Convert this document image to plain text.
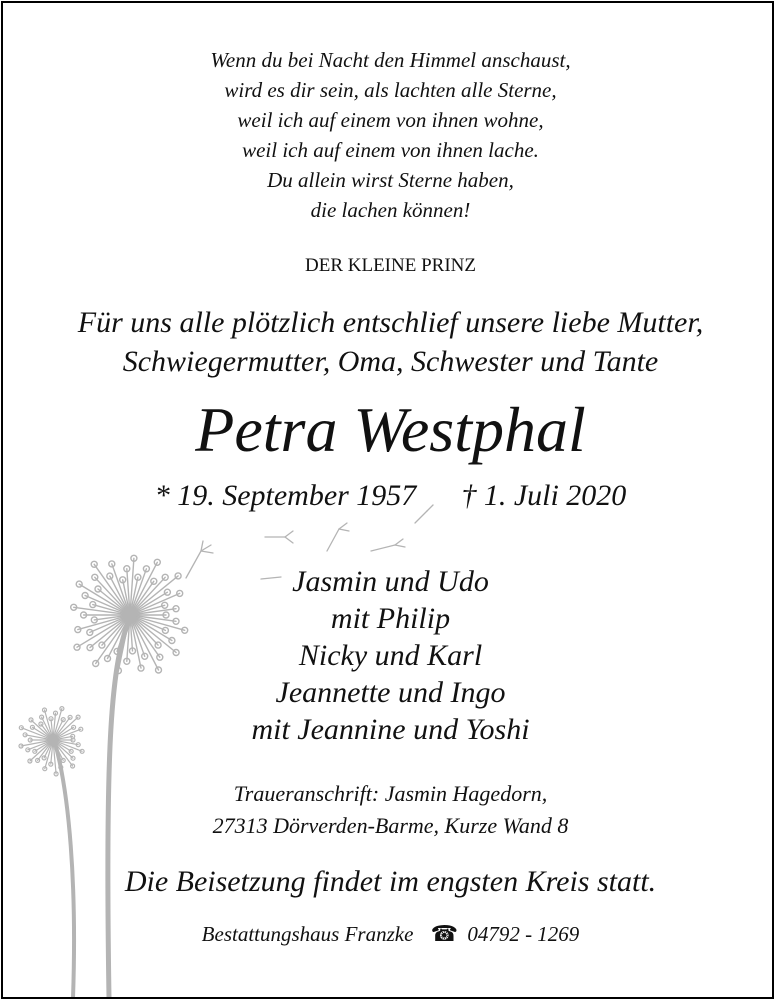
Wenn du bei Nacht den Himmel anschaust,
wird es dir sein, als lachten alle Sterne,
weil ich auf einem von ihnen wohne,
weil ich auf einem von ihnen lache.
Du allein wirst Sterne haben,
die lachen können!
DER KLEINE PRINZ
Für uns alle plötzlich entschlief unsere liebe Mutter,
Schwiegermutter, Oma, Schwester und Tante
Petra Westphal
* 19. September 1957 † 1. Juli 2020
Jasmin und Udo
mit Philip
Nicky und Karl
Jeannette und Ingo
mit Jeannine und Yoshi
Traueranschrift: Jasmin Hagedorn,
27313 Dörverden-Barme, Kurze Wand 8
Die Beisetzung findet im engsten Kreis statt.
Bestattungshaus Franzke ☎ 04792 - 1269
